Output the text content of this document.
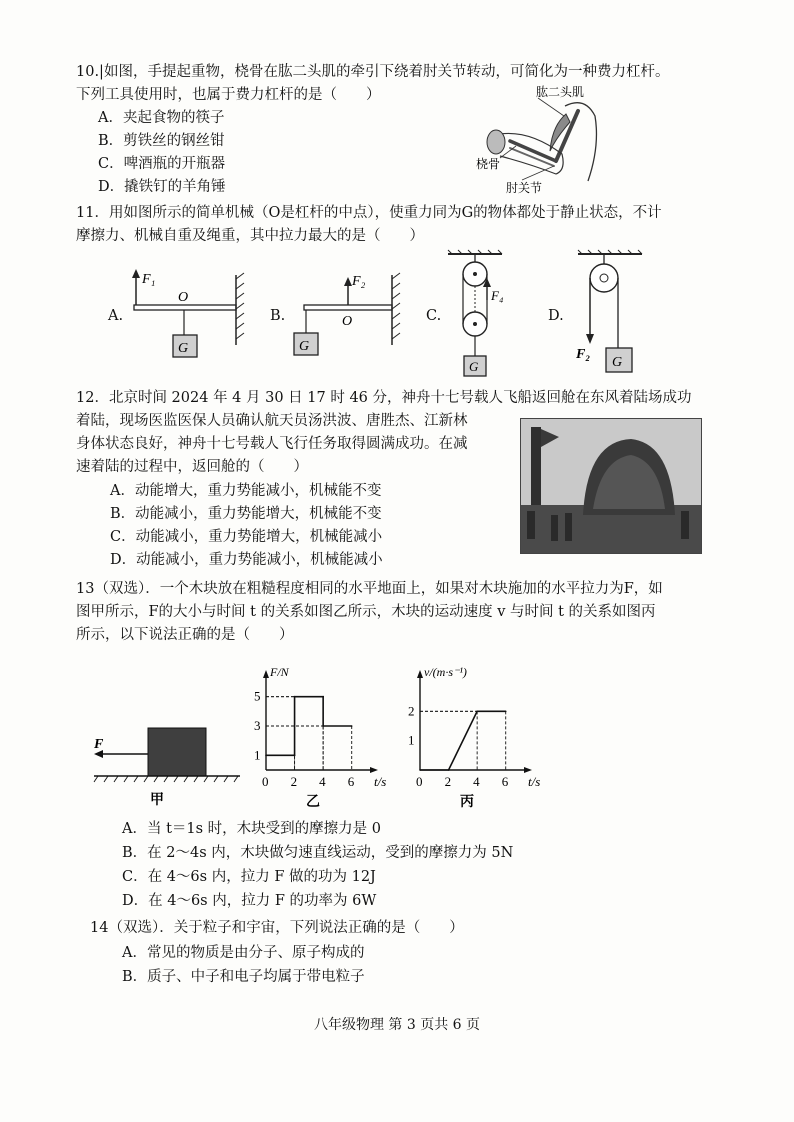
10.|如图，手提起重物，桡骨在肱二头肌的牵引下绕着肘关节转动，可简化为一种费力杠杆。
下列工具使用时，也属于费力杠杆的是（　　）
A．夹起食物的筷子
B．剪铁丝的钢丝钳
C．啤酒瓶的开瓶器
D．撬铁钉的羊角锤
肱二头肌
桡骨
肘关节
11．用如图所示的简单机械（O是杠杆的中点），使重力同为G的物体都处于静止状态，不计
摩擦力、机械自重及绳重，其中拉力最大的是（　　）
A.	B.	C.	D.
F₁
O
G
F₂
O
G
F₄
G
F₂
G
12．北京时间 2024 年 4 月 30 日 17 时 46 分，神舟十七号载人飞船返回舱在东风着陆场成功
着陆，现场医监医保人员确认航天员汤洪波、唐胜杰、江新林
身体状态良好，神舟十七号载人飞行任务取得圆满成功。在减
速着陆的过程中，返回舱的（　　）
A．动能增大，重力势能减小，机械能不变
B．动能减小，重力势能增大，机械能不变
C．动能减小，重力势能增大，机械能减小
D．动能减小，重力势能减小，机械能减小
13（双选）．一个木块放在粗糙程度相同的水平地面上，如果对木块施加的水平拉力为F，如
图甲所示，F的大小与时间 t 的关系如图乙所示，木块的运动速度 v 与时间 t 的关系如图丙
所示，以下说法正确的是（　　）
F
甲
0 2 4 6
1
3
5
t/s
F/N
乙
0 2 4 6
1
2
t/s
v/(m·s⁻¹)
丙
A．当 t＝1s 时，木块受到的摩擦力是 0
B．在 2～4s 内，木块做匀速直线运动，受到的摩擦力为 5N
C．在 4～6s 内，拉力 F 做的功为 12J
D．在 4～6s 内，拉力 F 的功率为 6W
14（双选）．关于粒子和宇宙，下列说法正确的是（　　）
A．常见的物质是由分子、原子构成的
B．质子、中子和电子均属于带电粒子
八年级物理 第 3 页共 6 页
